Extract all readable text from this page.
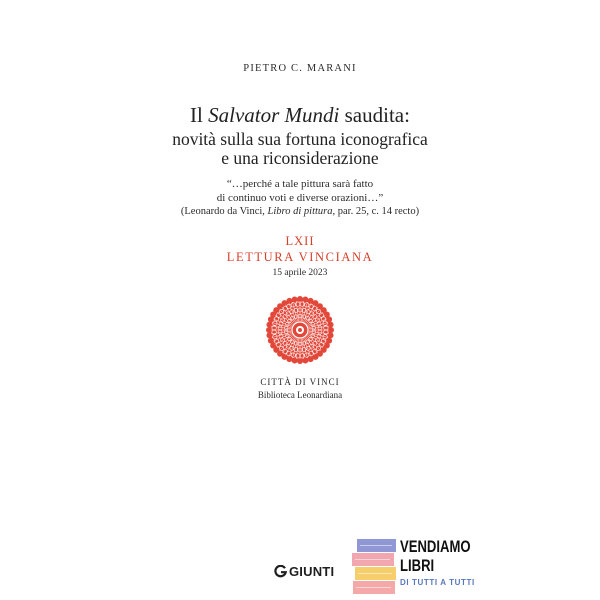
PIETRO C. MARANI
Il Salvator Mundi saudita:
novità sulla sua fortuna iconografica
e una riconsiderazione
“…perché a tale pittura sarà fatto
di continuo voti e diverse orazioni…”
(Leonardo da Vinci, Libro di pittura, par. 25, c. 14 recto)
LXII
LETTURA VINCIANA
15 aprile 2023
CITTÀ DI VINCI
Biblioteca Leonardiana
GIUNTI
VENDIAMO
LIBRI
DI TUTTI A TUTTI
